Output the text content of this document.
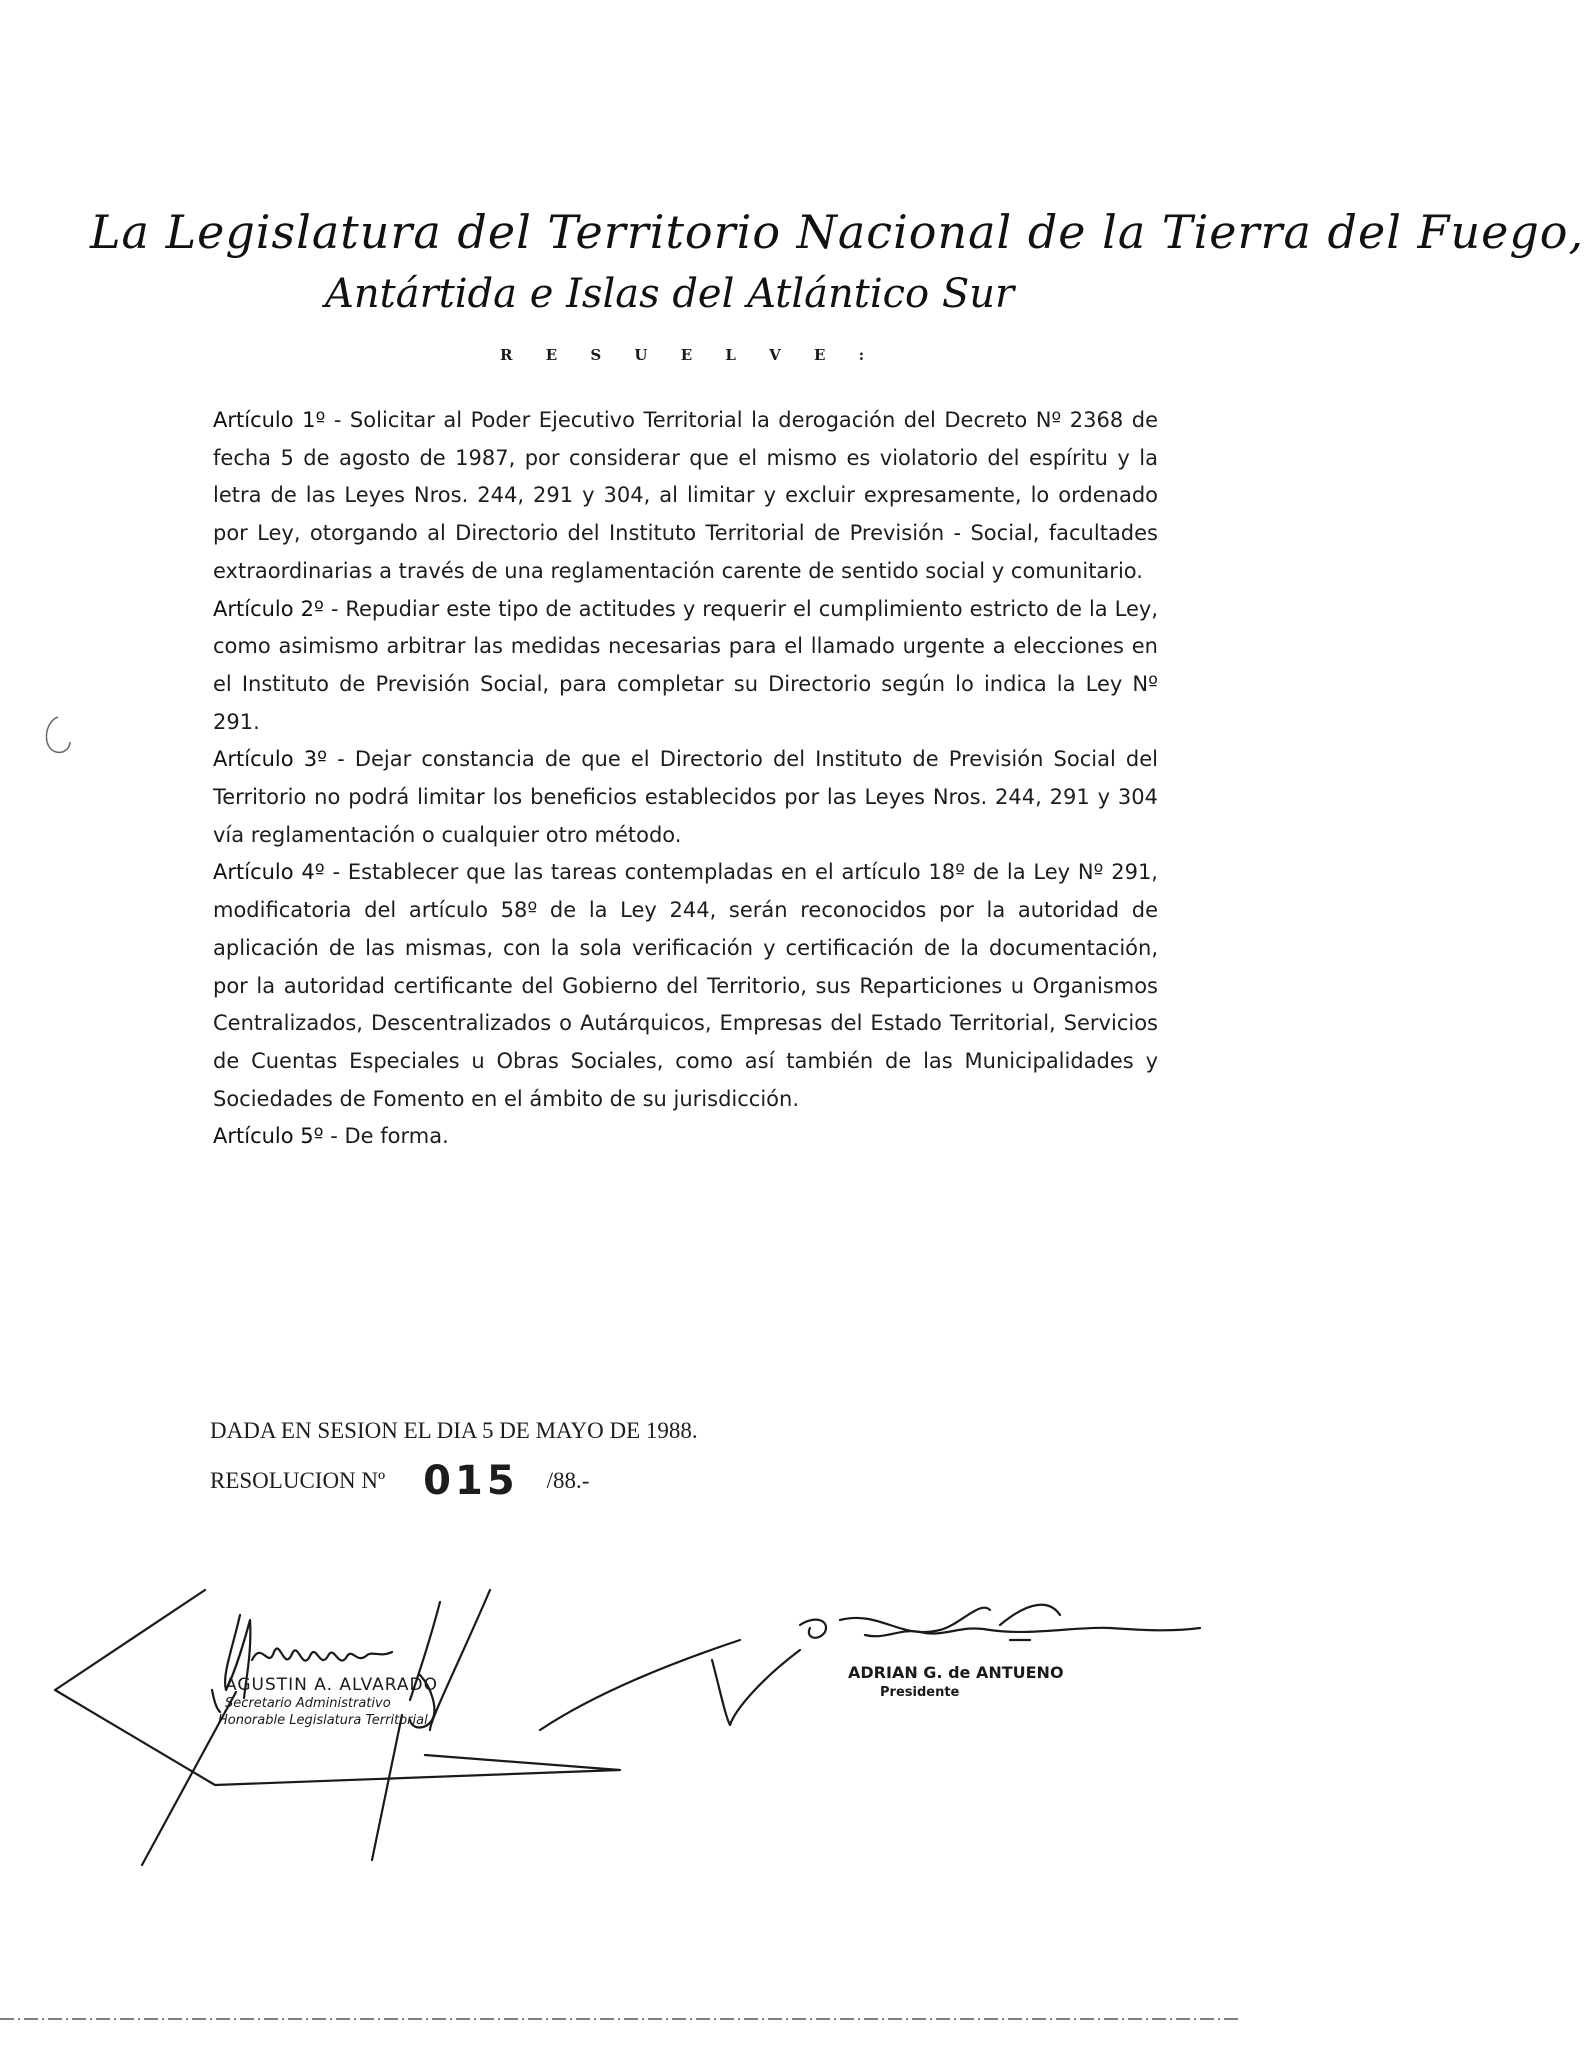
La Legislatura del Territorio Nacional de la Tierra del Fuego,
Antártida e Islas del Atlántico Sur
R E S U E L V E :

Artículo 1º - Solicitar al Poder Ejecutivo Territorial la derogación del Decreto Nº 2368 de fecha 5 de agosto de 1987, por considerar que el mismo es violatorio del espíritu y la letra de las Leyes Nros. 244, 291 y 304, al limitar y excluir expresamente, lo ordenado por Ley, otorgando al Directorio del Instituto Territorial de Previsión - Social, facultades extraordinarias a través de una reglamentación carente de sentido social y comunitario.

Artículo 2º - Repudiar este tipo de actitudes y requerir el cumplimiento estricto de la Ley, como asimismo arbitrar las medidas necesarias para el llamado urgente a elecciones en el Instituto de Previsión Social, para completar su Directorio según lo indica la Ley Nº 291.

Artículo 3º - Dejar constancia de que el Directorio del Instituto de Previsión Social del Territorio no podrá limitar los beneficios establecidos por las Leyes Nros. 244, 291 y 304 vía reglamentación o cualquier otro método.

Artículo 4º - Establecer que las tareas contempladas en el artículo 18º de la Ley Nº 291, modificatoria del artículo 58º de la Ley 244, serán reconocidos por la autoridad de aplicación de las mismas, con la sola verificación y certificación de la documentación, por la autoridad certificante del Gobierno del Territorio, sus Reparticiones u Organismos Centralizados, Descentralizados o Autárquicos, Empresas del Estado Territorial, Servicios de Cuentas Especiales u Obras Sociales, como así también de las Municipalidades y Sociedades de Fomento en el ámbito de su jurisdicción.

Artículo 5º - De forma.

DADA EN SESION EL DIA 5 DE MAYO DE 1988.
RESOLUCION Nº 015 /88.-
AGUSTIN A. ALVARADO
Secretario Administrativo
Honorable Legislatura Territorial
ADRIAN G. de ANTUENO
Presidente
